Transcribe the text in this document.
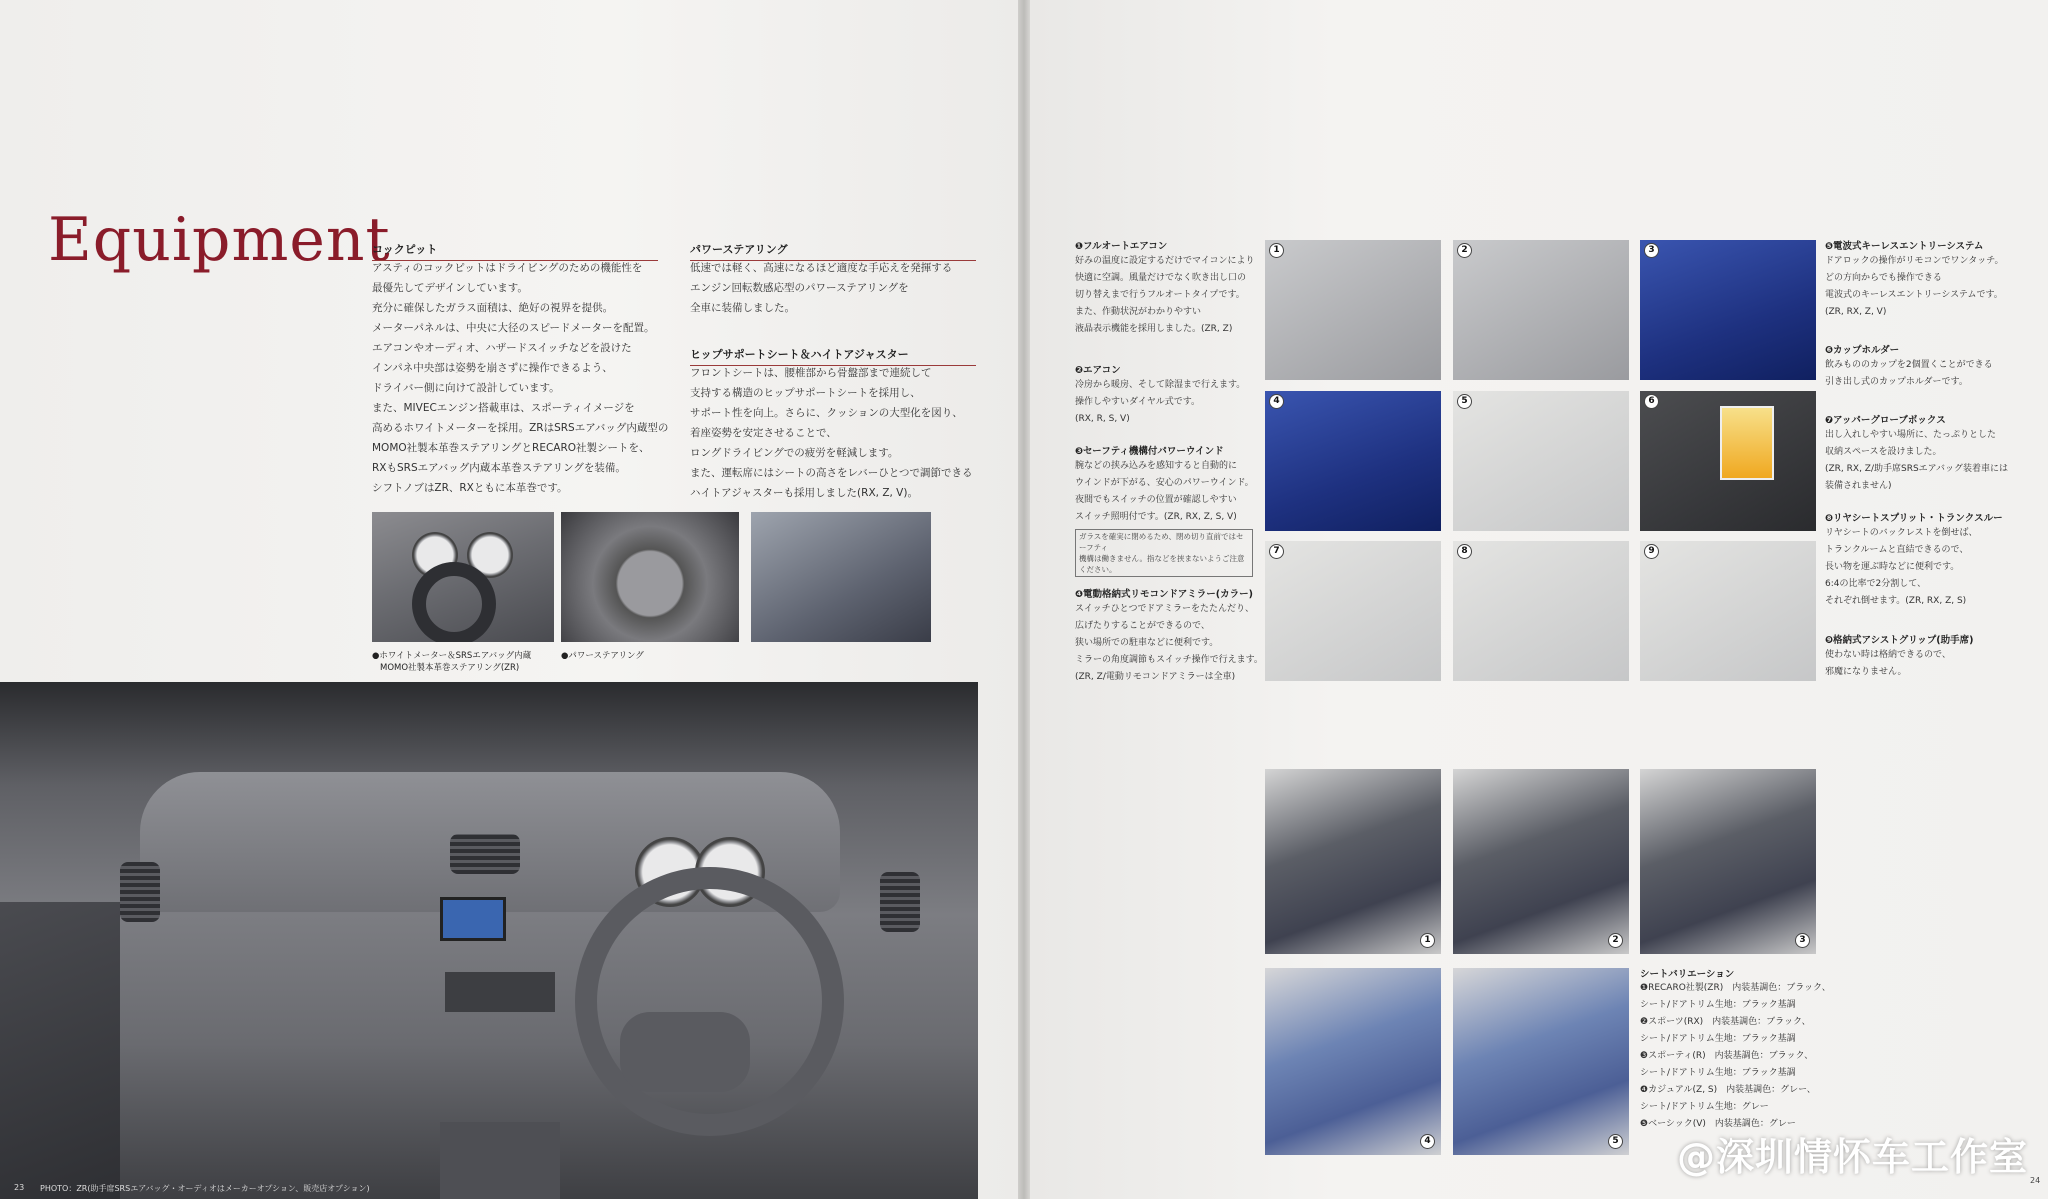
Equipment
コックピット
アスティのコックピットはドライビングのための機能性を
最優先してデザインしています。
充分に確保したガラス面積は、絶好の視界を提供。
メーターパネルは、中央に大径のスピードメーターを配置。
エアコンやオーディオ、ハザードスイッチなどを設けた
インパネ中央部は姿勢を崩さずに操作できるよう、
ドライバー側に向けて設計しています。
また、MIVECエンジン搭載車は、スポーティイメージを
高めるホワイトメーターを採用。ZRはSRSエアバッグ内蔵型の
MOMO社製本革巻ステアリングとRECARO社製シートを、
RXもSRSエアバッグ内蔵本革巻ステアリングを装備。
シフトノブはZR、RXともに本革巻です。
パワーステアリング
低速では軽く、高速になるほど適度な手応えを発揮する
エンジン回転数感応型のパワーステアリングを
全車に装備しました。
ヒップサポートシート＆ハイトアジャスター
フロントシートは、腰椎部から骨盤部まで連続して
支持する構造のヒップサポートシートを採用し、
サポート性を向上。さらに、クッションの大型化を図り、
着座姿勢を安定させることで、
ロングドライビングでの疲労を軽減します。
また、運転席にはシートの高さをレバーひとつで調節できる
ハイトアジャスターも採用しました(RX, Z, V)。
●ホワイトメーター＆SRSエアバッグ内蔵
MOMO社製本革巻ステアリング(ZR)
●パワーステアリング
23 PHOTO：ZR(助手席SRSエアバッグ・オーディオはメーカーオプション、販売店オプション)
シートバリエーション
❶RECARO社製(ZR)　内装基調色：ブラック、
シート/ドアトリム生地：ブラック基調
❷スポーツ(RX)　内装基調色：ブラック、
シート/ドアトリム生地：ブラック基調
❸スポーティ(R)　内装基調色：ブラック、
シート/ドアトリム生地：ブラック基調
❹カジュアル(Z, S)　内装基調色：グレー、
シート/ドアトリム生地：グレー
❺ベーシック(V)　内装基調色：グレー
24
@深圳情怀车工作室
❶フルオートエアコン
好みの温度に設定するだけでマイコンにより
快適に空調。風量だけでなく吹き出し口の
切り替えまで行うフルオートタイプです。
また、作動状況がわかりやすい
液晶表示機能を採用しました。(ZR, Z)
❷エアコン
冷房から暖房、そして除湿まで行えます。
操作しやすいダイヤル式です。
(RX, R, S, V)
❸セーフティ機構付パワーウインド
腕などの挟み込みを感知すると自動的に
ウインドが下がる、安心のパワーウインド。
夜間でもスイッチの位置が確認しやすい
スイッチ照明付です。(ZR, RX, Z, S, V)
ガラスを確実に閉めるため、閉め切り直前ではセーフティ
機構は働きません。指などを挟まないようご注意ください。
❹電動格納式リモコンドアミラー(カラー)
スイッチひとつでドアミラーをたたんだり、
広げたりすることができるので、
狭い場所での駐車などに便利です。
ミラーの角度調節もスイッチ操作で行えます。
(ZR, Z/電動リモコンドアミラーは全車)
❺電波式キーレスエントリーシステム
ドアロックの操作がリモコンでワンタッチ。
どの方向からでも操作できる
電波式のキーレスエントリーシステムです。
(ZR, RX, Z, V)
❻カップホルダー
飲みもののカップを2個置くことができる
引き出し式のカップホルダーです。
❼アッパーグローブボックス
出し入れしやすい場所に、たっぷりとした
収納スペースを設けました。
(ZR, RX, Z/助手席SRSエアバッグ装着車には
装備されません)
❽リヤシートスプリット・トランクスルー
リヤシートのバックレストを倒せば、
トランクルームと直結できるので、
長い物を運ぶ時などに便利です。
6:4の比率で2分割して、
それぞれ倒せます。(ZR, RX, Z, S)
❾格納式アシストグリップ(助手席)
使わない時は格納できるので、
邪魔になりません。
1	2	3
4	5	6
7	8	9
1	2	3
4	5
